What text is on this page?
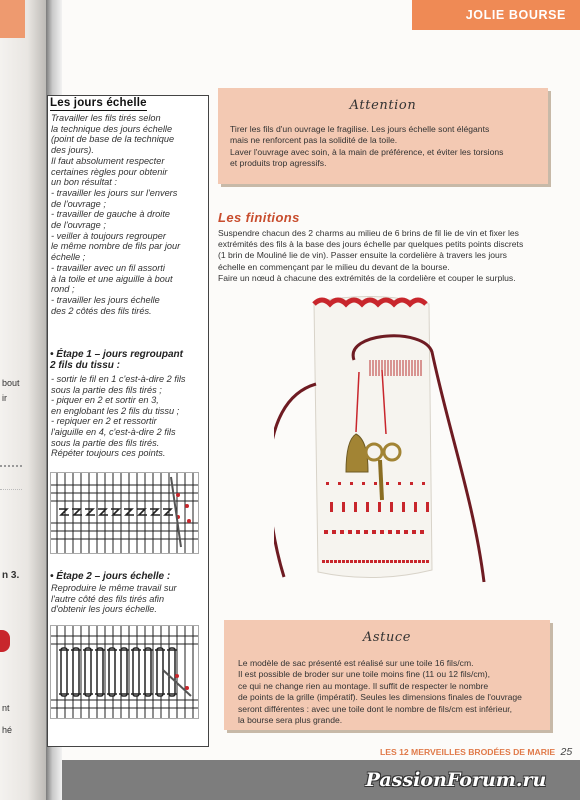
bout
ir
n 3.
nt
hé
JOLIE BOURSE
Les jours échelle
Travailler les fils tirés selon
la technique des jours échelle
(point de base de la technique
des jours).
Il faut absolument respecter
certaines règles pour obtenir
un bon résultat :
- travailler les jours sur l'envers
de l'ouvrage ;
- travailler de gauche à droite
de l'ouvrage ;
- veiller à toujours regrouper
le même nombre de fils par jour
échelle ;
- travailler avec un fil assorti
à la toile et une aiguille à bout
rond ;
- travailler les jours échelle
des 2 côtés des fils tirés.
• Étape 1 – jours regroupant
2 fils du tissu :
- sortir le fil en 1 c'est-à-dire 2 fils
sous la partie des fils tirés ;
- piquer en 2 et sortir en 3,
en englobant les 2 fils du tissu ;
- repiquer en 2 et ressortir
l'aiguille en 4, c'est-à-dire 2 fils
sous la partie des fils tirés.
Répéter toujours ces points.
• Étape 2 – jours échelle :
Reproduire le même travail sur
l'autre côté des fils tirés afin
d'obtenir les jours échelle.
Attention
Tirer les fils d'un ouvrage le fragilise. Les jours échelle sont élégants
mais ne renforcent pas la solidité de la toile.
Laver l'ouvrage avec soin, à la main de préférence, et éviter les torsions
et produits trop agressifs.
Les finitions
Suspendre chacun des 2 charms au milieu de 6 brins de fil lie de vin et fixer les
extrémités des fils à la base des jours échelle par quelques petits points discrets
(1 brin de Mouliné lie de vin). Passer ensuite la cordelière à travers les jours
échelle en commençant par le milieu du devant de la bourse.
Faire un nœud à chacune des extrémités de la cordelière et couper le surplus.
Astuce
Le modèle de sac présenté est réalisé sur une toile 16 fils/cm.
Il est possible de broder sur une toile moins fine (11 ou 12 fils/cm),
ce qui ne change rien au montage. Il suffit de respecter le nombre
de points de la grille (impératif). Seules les dimensions finales de l'ouvrage
seront différentes : avec une toile dont le nombre de fils/cm est inférieur,
la bourse sera plus grande.
LES 12 MERVEILLES BRODÉES DE MARIE 25
PassionForum.ru
